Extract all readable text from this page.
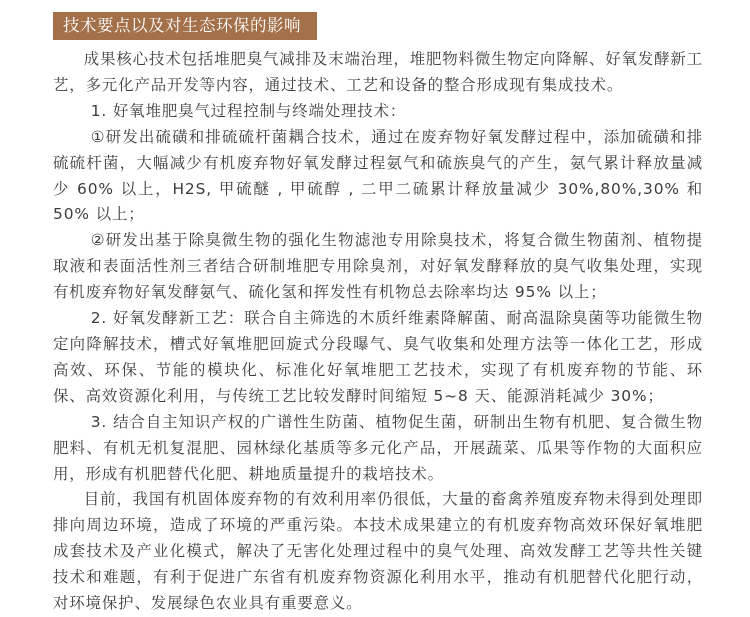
技术要点以及对生态环保的影响

成果核心技术包括堆肥臭气减排及末端治理，堆肥物料微生物定向降解、好氧发酵新工艺，多元化产品开发等内容，通过技术、工艺和设备的整合形成现有集成技术。

1. 好氧堆肥臭气过程控制与终端处理技术：

①研发出硫磺和排硫硫杆菌耦合技术，通过在废弃物好氧发酵过程中，添加硫磺和排硫硫杆菌，大幅减少有机废弃物好氧发酵过程氨气和硫族臭气的产生，氨气累计释放量减少 60% 以上，H2S, 甲硫醚 , 甲硫醇 , 二甲二硫累计释放量减少 30%,80%,30% 和 50% 以上；

②研发出基于除臭微生物的强化生物滤池专用除臭技术，将复合微生物菌剂、植物提取液和表面活性剂三者结合研制堆肥专用除臭剂，对好氧发酵释放的臭气收集处理，实现有机废弃物好氧发酵氨气、硫化氢和挥发性有机物总去除率均达 95% 以上；

2. 好氧发酵新工艺：联合自主筛选的木质纤维素降解菌、耐高温除臭菌等功能微生物定向降解技术，槽式好氧堆肥回旋式分段曝气、臭气收集和处理方法等一体化工艺，形成高效、环保、节能的模块化、标准化好氧堆肥工艺技术，实现了有机废弃物的节能、环保、高效资源化利用，与传统工艺比较发酵时间缩短 5~8 天、能源消耗减少 30%；

3. 结合自主知识产权的广谱性生防菌、植物促生菌，研制出生物有机肥、复合微生物肥料、有机无机复混肥、园林绿化基质等多元化产品，开展蔬菜、瓜果等作物的大面积应用，形成有机肥替代化肥、耕地质量提升的栽培技术。

目前，我国有机固体废弃物的有效利用率仍很低，大量的畜禽养殖废弃物未得到处理即排向周边环境，造成了环境的严重污染。本技术成果建立的有机废弃物高效环保好氧堆肥成套技术及产业化模式，解决了无害化处理过程中的臭气处理、高效发酵工艺等共性关键技术和难题，有利于促进广东省有机废弃物资源化利用水平，推动有机肥替代化肥行动，对环境保护、发展绿色农业具有重要意义。
